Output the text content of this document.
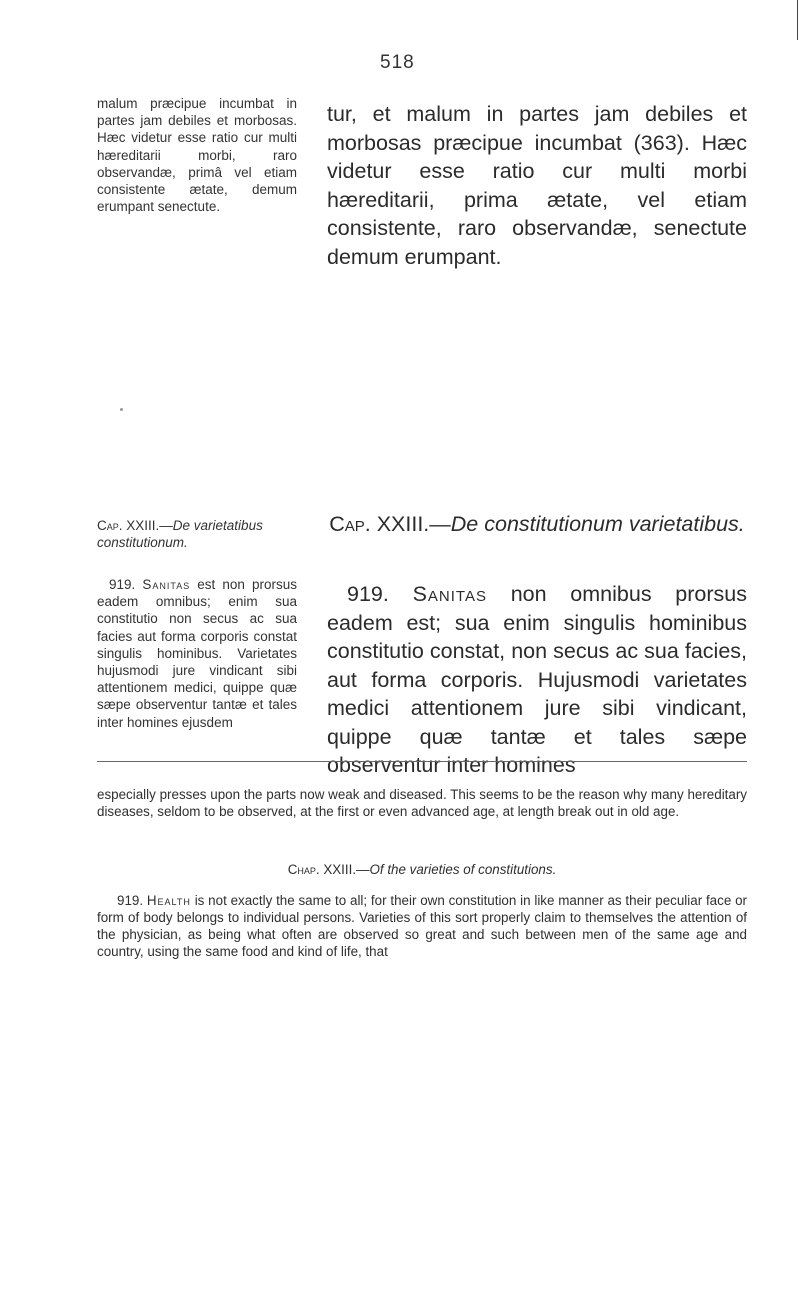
518

malum præcipue incumbat in partes jam debiles et morbosas. Hæc videtur esse ratio cur multi hæreditarii morbi, raro observandæ, primâ vel etiam consistente ætate, demum erumpant senectute.

tur, et malum in partes jam debiles et morbosas præcipue incumbat (363). Hæc videtur esse ratio cur multi morbi hæreditarii, prima ætate, vel etiam consistente, raro observandæ, senectute demum erumpant.

Cap. XXIII.—De varietatibus constitutionum.

Cap. XXIII.—De constitutionum varietatibus.

919. Sanitas est non prorsus eadem omnibus; enim sua constitutio non secus ac sua facies aut forma corporis constat singulis hominibus. Varietates hujusmodi jure vindicant sibi attentionem medici, quippe quæ sæpe observentur tantæ et tales inter homines ejusdem

919. Sanitas non omnibus prorsus eadem est; sua enim singulis hominibus constitutio constat, non secus ac sua facies, aut forma corporis. Hujusmodi varietates medici attentionem jure sibi vindicant, quippe quæ tantæ et tales sæpe observentur inter homines

especially presses upon the parts now weak and diseased. This seems to be the reason why many hereditary diseases, seldom to be observed, at the first or even advanced age, at length break out in old age.

Chap. XXIII.—Of the varieties of constitutions.

919. Health is not exactly the same to all; for their own constitution in like manner as their peculiar face or form of body belongs to individual persons. Varieties of this sort properly claim to themselves the attention of the physician, as being what often are observed so great and such between men of the same age and country, using the same food and kind of life, that
